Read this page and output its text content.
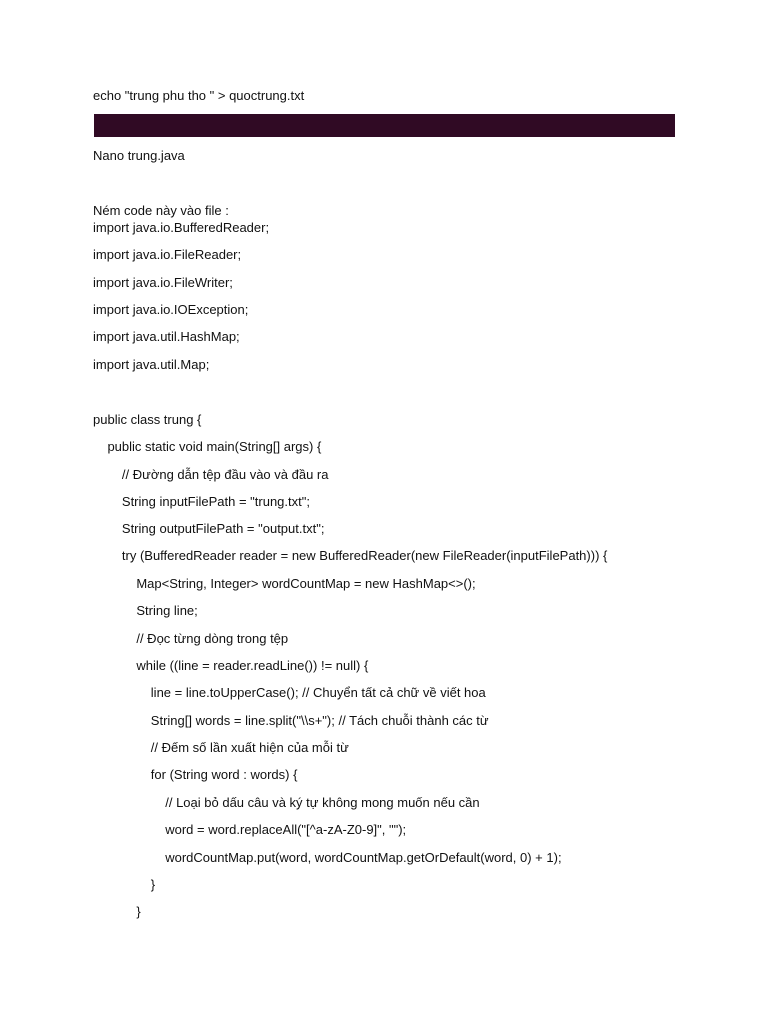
echo "trung phu tho " > quoctrung.txt

Nano trung.java
Ném code này vào file :
import java.io.BufferedReader;
import java.io.FileReader;
import java.io.FileWriter;
import java.io.IOException;
import java.util.HashMap;
import java.util.Map;
public class trung {
public static void main(String[] args) {
// Đường dẫn tệp đầu vào và đầu ra
String inputFilePath = "trung.txt";
String outputFilePath = "output.txt";
try (BufferedReader reader = new BufferedReader(new FileReader(inputFilePath))) {
Map<String, Integer> wordCountMap = new HashMap<>();
String line;
// Đọc từng dòng trong tệp
while ((line = reader.readLine()) != null) {
line = line.toUpperCase(); // Chuyển tất cả chữ về viết hoa
String[] words = line.split("\\s+"); // Tách chuỗi thành các từ
// Đếm số lần xuất hiện của mỗi từ
for (String word : words) {
// Loại bỏ dấu câu và ký tự không mong muốn nếu cần
word = word.replaceAll("[^a-zA-Z0-9]", "");
wordCountMap.put(word, wordCountMap.getOrDefault(word, 0) + 1);
}
}
